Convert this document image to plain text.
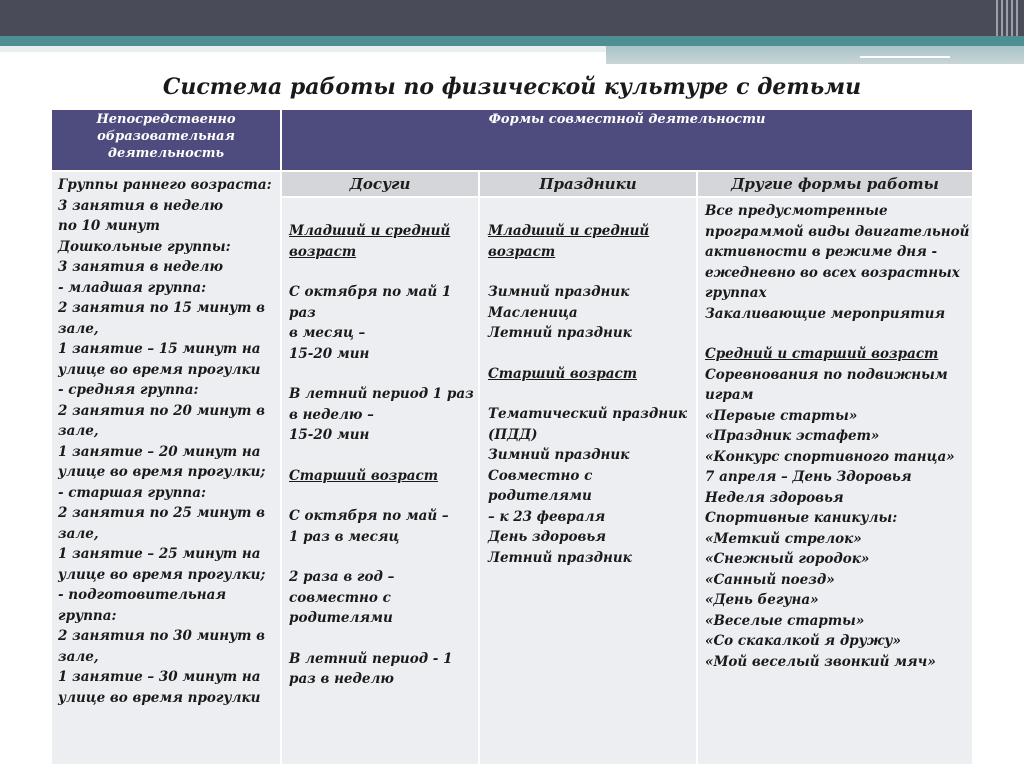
Система работы по физической культуре с детьми
Непосредственно
образовательная
деятельность
Формы совместной деятельности
Досуги	Праздники	Другие формы работы

Группы раннего возраста:

3 занятия в неделю

по 10 минут

Дошкольные группы:

3 занятия в неделю

- младшая группа:

2 занятия по 15 минут в

зале,

1 занятие – 15 минут на

улице во время прогулки

- средняя группа:

2 занятия по 20 минут в

зале,

1 занятие – 20 минут на

улице во время прогулки;

- старшая группа:

2 занятия по 25 минут в

зале,

1 занятие – 25 минут на

улице во время прогулки;

- подготовительная

группа:

2 занятия по 30 минут в

зале,

1 занятие – 30 минут на

улице во время прогулки

Младший и средний возраст

С октября по май 1 раз

в месяц –

15-20 мин

В летний период 1 раз

в неделю –

15-20 мин

Старший возраст

С октября по май –

1 раз в месяц

2 раза в год –

совместно с

родителями

В летний период - 1

раз в неделю

Младший и средний возраст

Зимний праздник

Масленица

Летний праздник

Старший возраст

Тематический праздник

(ПДД)

Зимний праздник

Совместно с родителями

– к 23 февраля

День здоровья

Летний праздник

Все предусмотренные

программой виды двигательной

активности в режиме дня -

ежедневно во всех возрастных

группах

Закаливающие мероприятия

Средний и старший возраст

Соревнования по подвижным

играм

«Первые старты»

«Праздник эстафет»

«Конкурс спортивного танца»

7 апреля – День Здоровья

Неделя здоровья

Спортивные каникулы:

«Меткий стрелок»

«Снежный городок»

«Санный поезд»

«День бегуна»

«Веселые старты»

«Со скакалкой я дружу»

«Мой веселый звонкий мяч»
